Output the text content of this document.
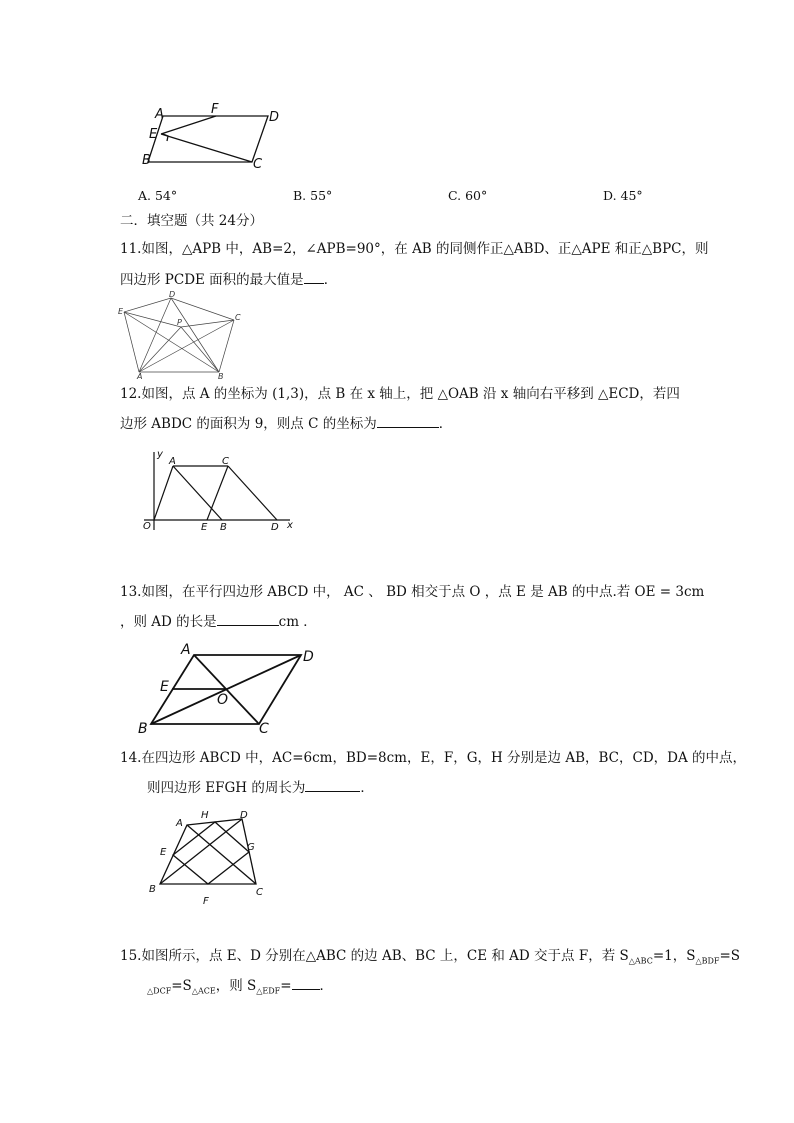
A	F
D
E
B	C
A. 54°	B. 55°	C. 60°	D. 45°
二．填空题（共 24分）
11.如图，△APB 中，AB=2，∠APB=90°，在 AB 的同侧作正△ABD、正△APE 和正△BPC，则
四边形 PCDE 面积的最大值是 ．
D
E
P
C
A	B
12.如图，点 A 的坐标为 (1,3)，点 B 在 x 轴上，把 △OAB 沿 x 轴向右平移到 △ECD，若四
边形 ABDC 的面积为 9，则点 C 的坐标为	．
y
A	C
O	E B	D x
13.如图，在平行四边形 ABCD 中， AC 、 BD 相交于点 O ，点 E 是 AB 的中点.若 OE = 3cm
，则 AD 的长是	cm ．
A	D
E
O
B	C
14.在四边形 ABCD 中，AC=6cm，BD=8cm，E，F，G，H 分别是边 AB，BC，CD，DA 的中点，
则四边形 EFGH 的周长为	．
A
H	D
E	G
B	C
F
15.如图所示，点 E、D 分别在△ABC 的边 AB、BC 上，CE 和 AD 交于点 F，若 $S_{\triangle ABC}=1$，$S_{\triangle BDF}=S$
$_{\triangle DCF}=S_{\triangle ACE}$，则 $S_{\triangle EDF}=$ ．
